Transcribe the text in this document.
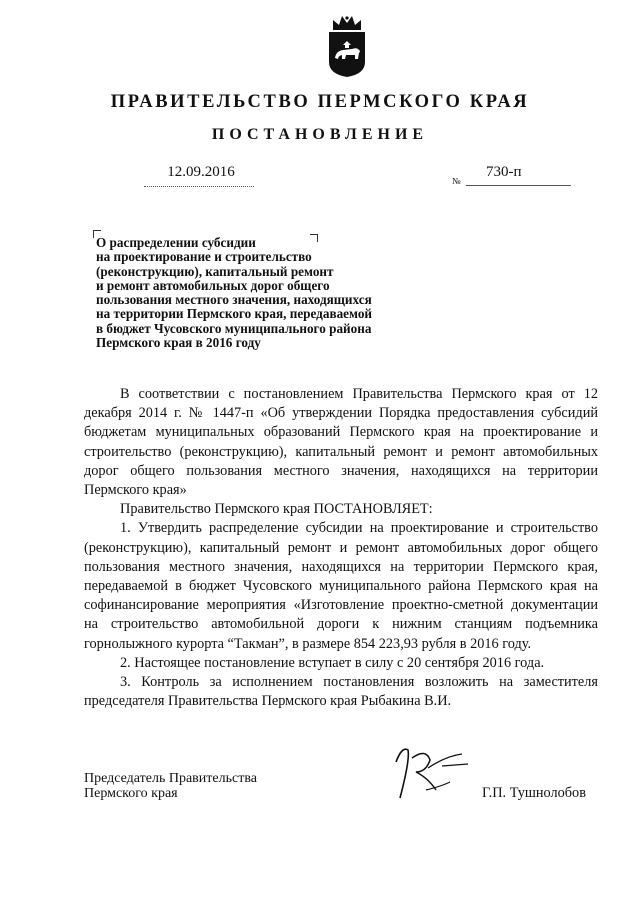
ПРАВИТЕЛЬСТВО ПЕРМСКОГО КРАЯ
ПОСТАНОВЛЕНИЕ
12.09.2016
№
730-п
О распределении субсидии
на проектирование и строительство
(реконструкцию), капитальный ремонт
и ремонт автомобильных дорог общего
пользования местного значения, находящихся
на территории Пермского края, передаваемой
в бюджет Чусовского муниципального района
Пермского края в 2016 году

В соответствии с постановлением Правительства Пермского края от 12 декабря 2014 г. № 1447-п «Об утверждении Порядка предоставления субсидий бюджетам муниципальных образований Пермского края на проектирование и строительство (реконструкцию), капитальный ремонт и ремонт автомобильных дорог общего пользования местного значения, находящихся на территории Пермского края»

Правительство Пермского края ПОСТАНОВЛЯЕТ:

1. Утвердить распределение субсидии на проектирование и строительство (реконструкцию), капитальный ремонт и ремонт автомобильных дорог общего пользования местного значения, находящихся на территории Пермского края, передаваемой в бюджет Чусовского муниципального района Пермского края на софинансирование мероприятия «Изготовление проектно-сметной документации на строительство автомобильной дороги к нижним станциям подъемника горнолыжного курорта “Такман”, в размере 854 223,93 рубля в 2016 году.

2. Настоящее постановление вступает в силу с 20 сентября 2016 года.

3. Контроль за исполнением постановления возложить на заместителя председателя Правительства Пермского края Рыбакина В.И.

Председатель Правительства
Пермского края	Г.П. Тушнолобов
